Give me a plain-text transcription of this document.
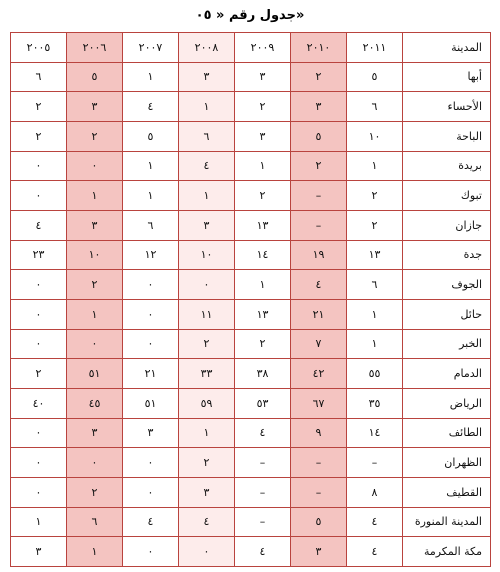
جدول رقم « ٠٥»
المدينة	٢٠١١	٢٠١٠	٢٠٠٩	٢٠٠٨	٢٠٠٧	٢٠٠٦	٢٠٠٥
أبها	٥	٢	٣	٣	١	٥	٦
الأحساء	٦	٣	٢	١	٤	٣	٢
الباحة	١٠	٥	٣	٦	٥	٢	٢
بريدة	١	٢	١	٤	١	٠	٠
تبوك	٢	–	٢	١	١	١	٠
جازان	٢	–	١٣	٣	٦	٣	٤
جدة	١٣	١٩	١٤	١٠	١٢	١٠	٢٣
الجوف	٦	٤	١	٠	٠	٢	٠
حائل	١	٢١	١٣	١١	٠	١	٠
الخبر	١	٧	٢	٢	٠	٠	٠
الدمام	٥٥	٤٢	٣٨	٣٣	٢١	٥١	٢
الرياض	٣٥	٦٧	٥٣	٥٩	٥١	٤٥	٤٠
الطائف	١٤	٩	٤	١	٣	٣	٠
الظهران	–	–	–	٢	٠	٠	٠
القطيف	٨	–	–	٣	٠	٢	٠
المدينة المنورة	٤	٥	–	٤	٤	٦	١
مكة المكرمة	٤	٣	٤	٠	٠	١	٣
